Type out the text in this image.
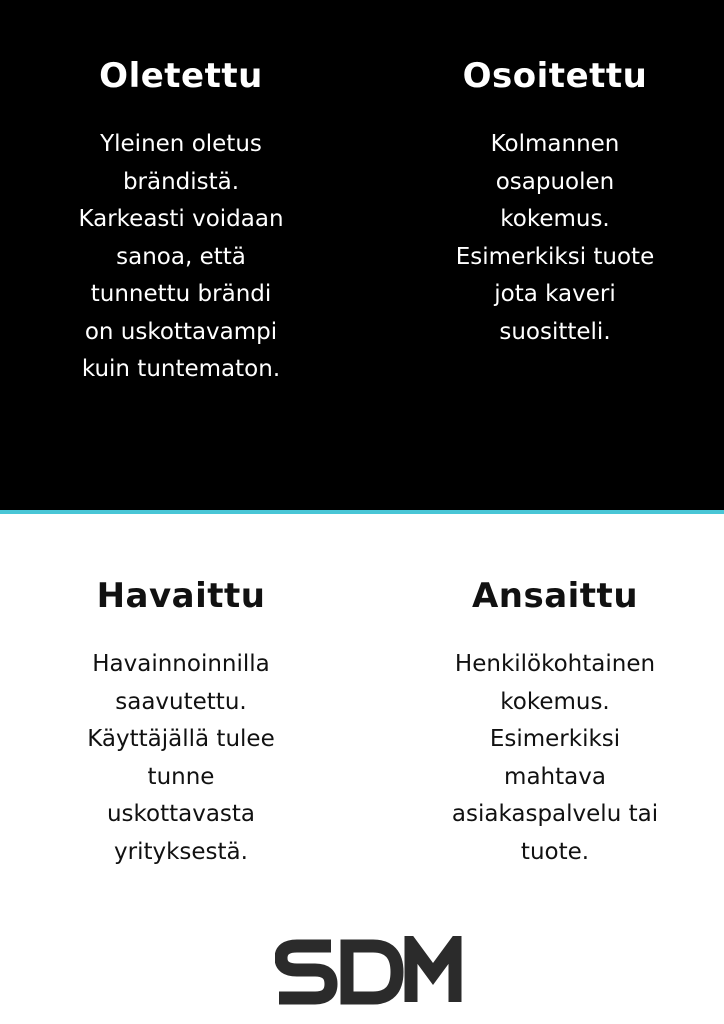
Oletettu

Yleinen oletus
brändistä.
Karkeasti voidaan
sanoa, että
tunnettu brändi
on uskottavampi
kuin tuntematon.

Osoitettu

Kolmannen
osapuolen
kokemus.
Esimerkiksi tuote
jota kaveri
suositteli.

Havaittu

Havainnoinnilla
saavutettu.
Käyttäjällä tulee
tunne
uskottavasta
yrityksestä.

Ansaittu

Henkilökohtainen
kokemus.
Esimerkiksi
mahtava
asiakaspalvelu tai
tuote.
